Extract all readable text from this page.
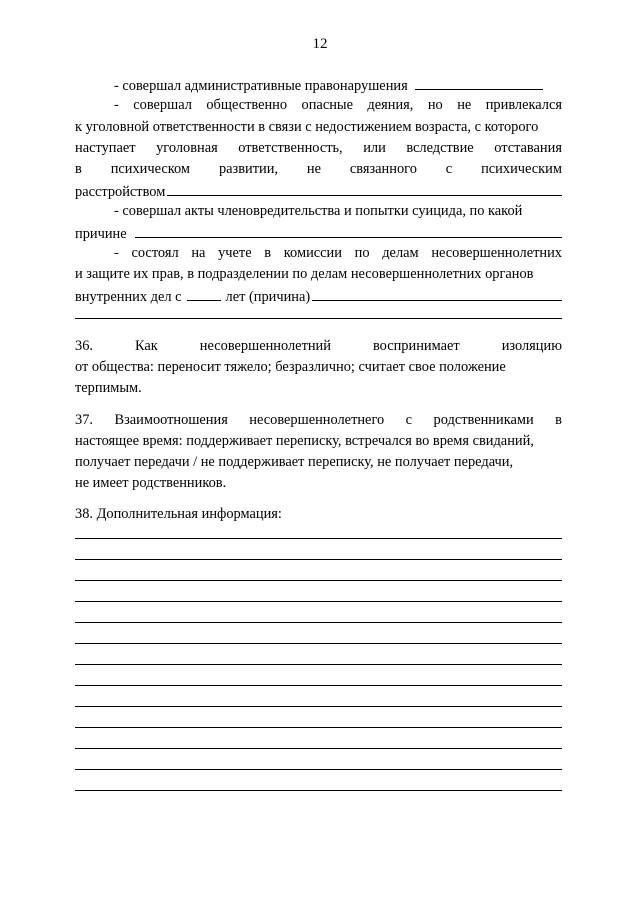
12
- совершал административные правонарушения
- совершал общественно опасные деяния, но не привлекался
к уголовной ответственности в связи с недостижением возраста, с которого
наступает уголовная ответственность, или вследствие отставания
в психическом развитии, не связанного с психическим
расстройством
- совершал акты членовредительства и попытки суицида, по какой
причине
- состоял на учете в комиссии по делам несовершеннолетних
и защите их прав, в подразделении по делам несовершеннолетних органов
внутренних дел с	лет (причина)
36.	Как	несовершеннолетний	воспринимает	изоляцию
от общества: переносит тяжело; безразлично; считает свое положение
терпимым.
37. Взаимоотношения несовершеннолетнего с родственниками в
настоящее время: поддерживает переписку, встречался во время свиданий,
получает передачи / не поддерживает переписку, не получает передачи,
не имеет родственников.
38. Дополнительная информация:
